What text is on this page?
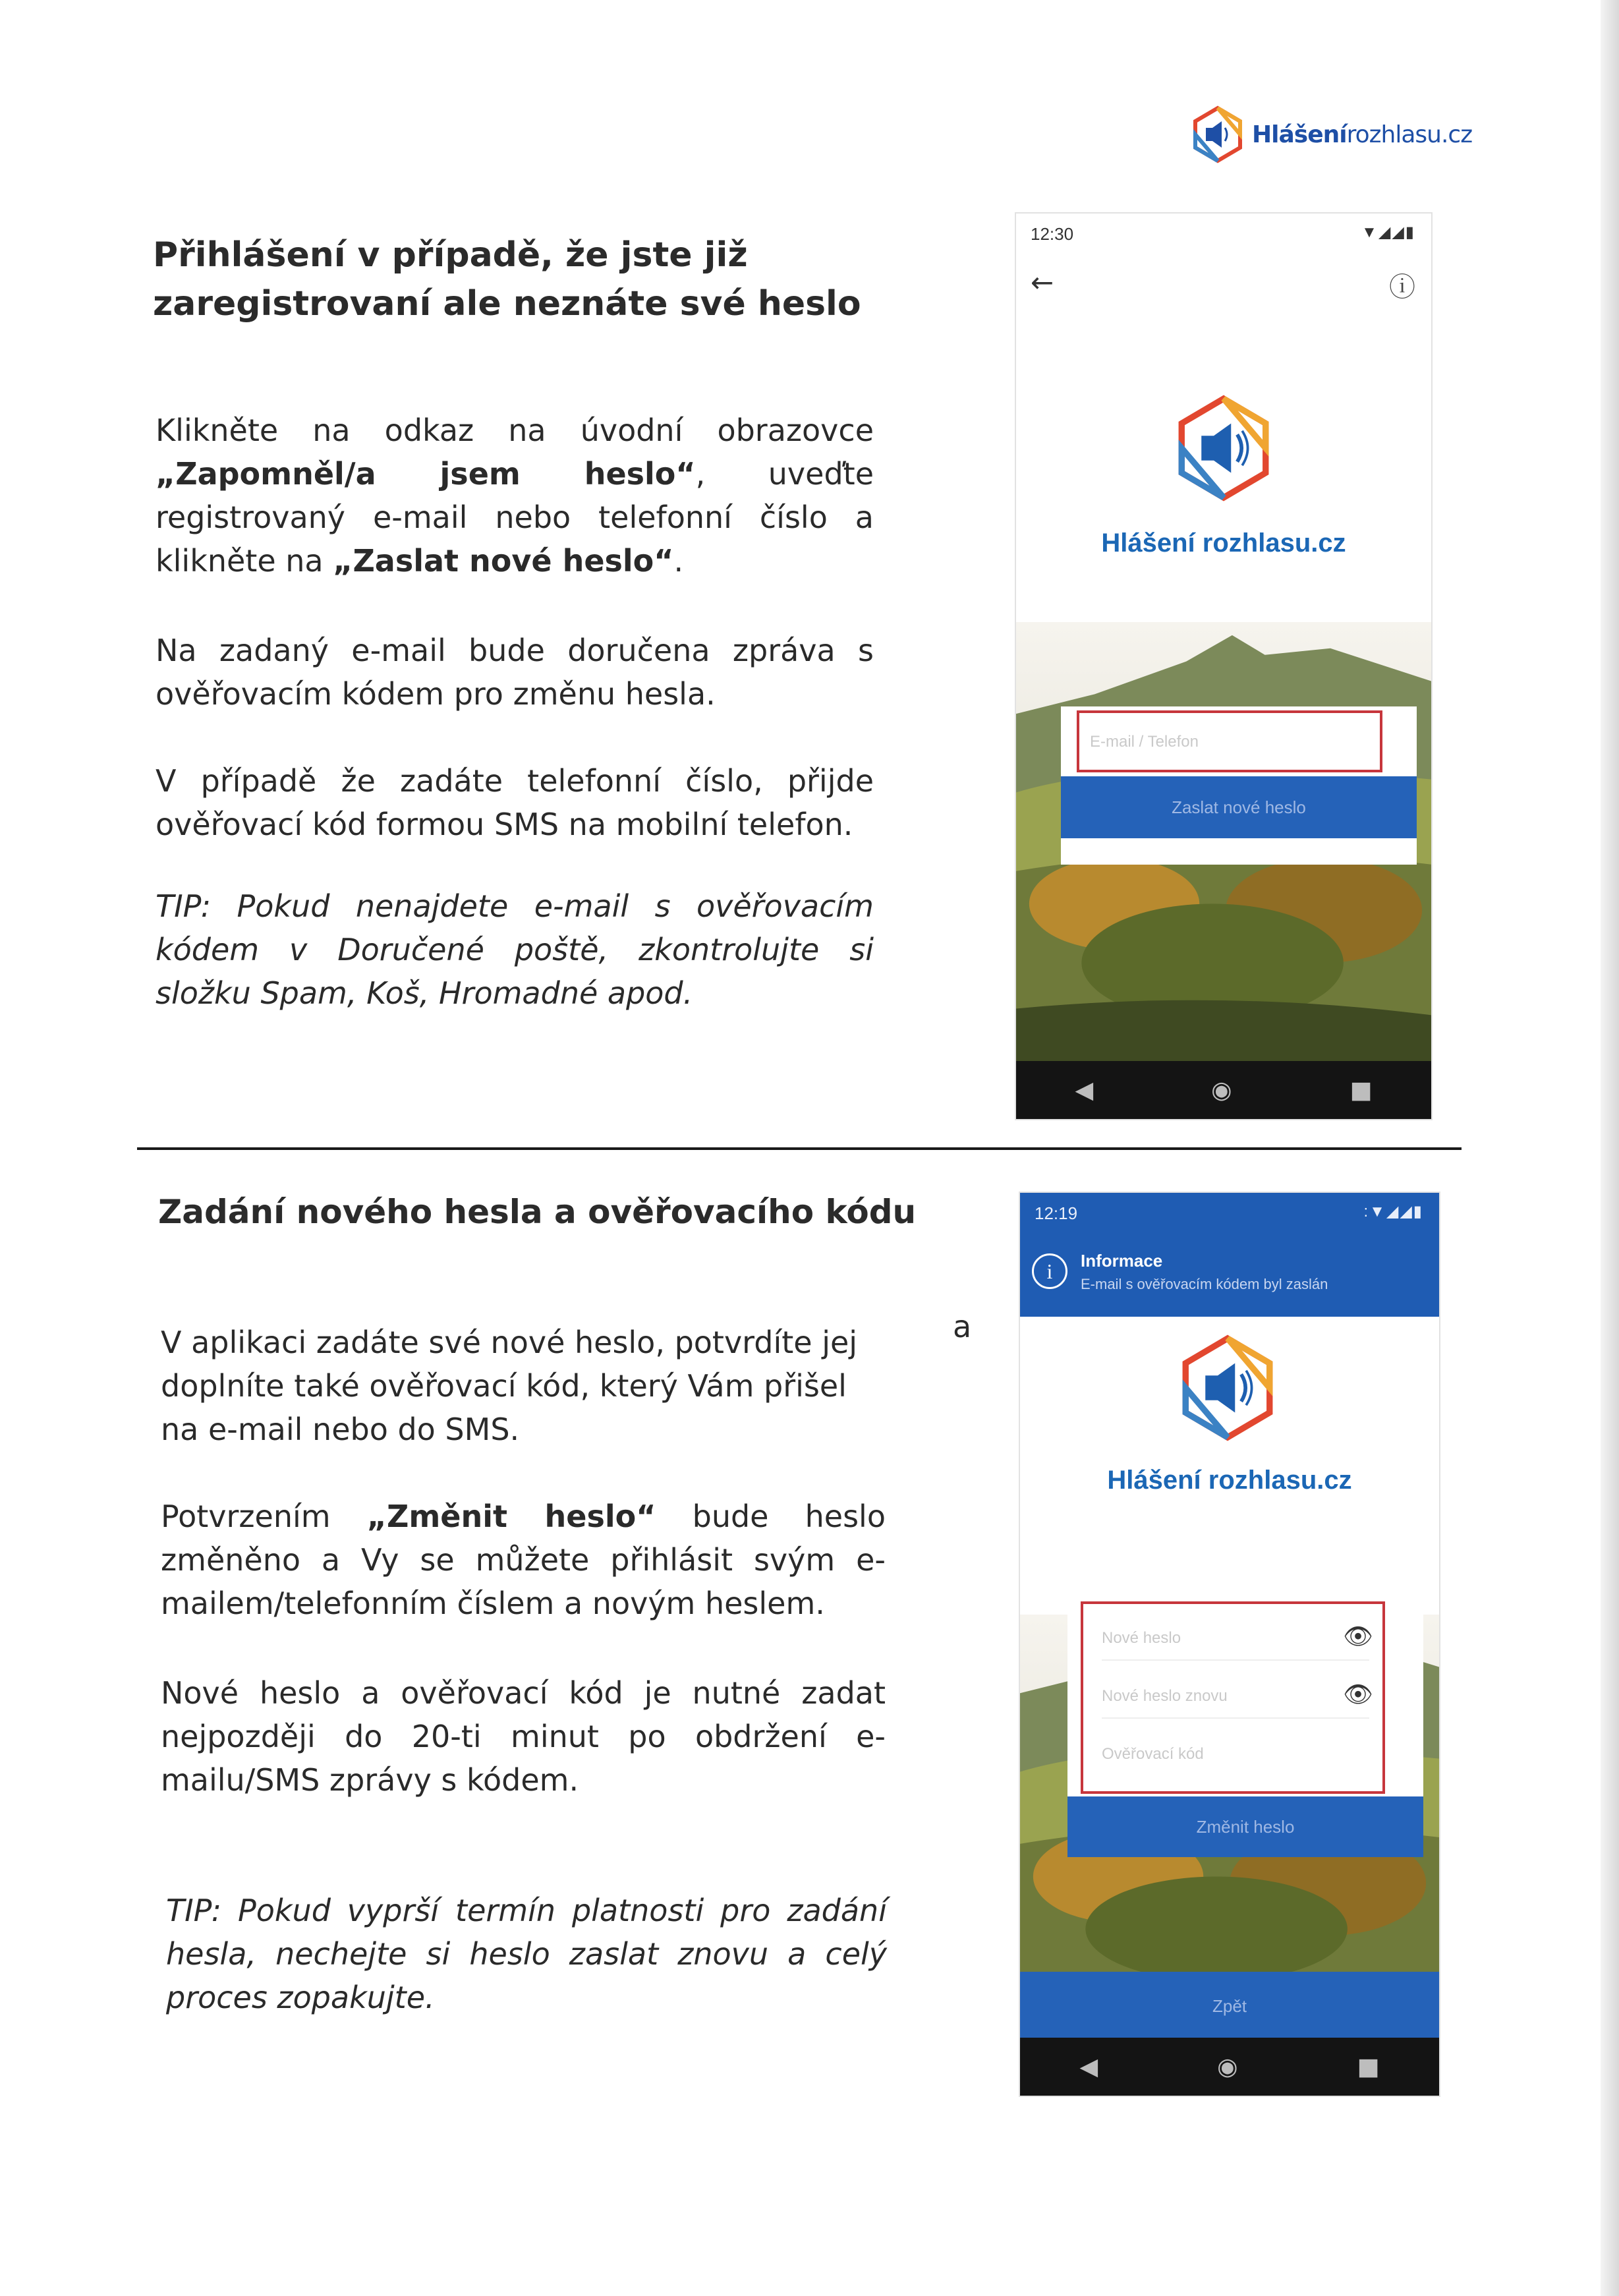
Hlášenírozhlasu.cz
Přihlášení v případě, že jste již
zaregistrovaní ale neznáte své heslo

Klikněte na odkaz na úvodní obrazovce „Zapomněl/a jsem heslo“, uveďte registrovaný e-mail nebo telefonní číslo a klikněte na „Zaslat nové heslo“.

Na zadaný e-mail bude doručena zpráva s ověřovacím kódem pro změnu hesla.

V případě že zadáte telefonní číslo, přijde ověřovací kód formou SMS na mobilní telefon.

TIP: Pokud nenajdete e-mail s ověřovacím kódem v Doručené poště, zkontrolujte si složku Spam, Koš, Hromadné apod.

12:30	▼◢◢▮
←	ⓘ
Hlášení rozhlasu.cz
E-mail / Telefon
Zaslat nové heslo
◀	◉	■
Zadání nového hesla a ověřovacího kódu

V aplikaci zadáte své nové heslo, potvrdíte jej doplníte také ověřovací kód, který Vám přišel na e-mail nebo do SMS.

a

Potvrzením „Změnit heslo“ bude heslo změněno a Vy se můžete přihlásit svým e-mailem/telefonním číslem a novým heslem.

Nové heslo a ověřovací kód je nutné zadat nejpozději do 20-ti minut po obdržení e-mailu/SMS zprávy s kódem.

TIP: Pokud vyprší termín platnosti pro zadání hesla, nechejte si heslo zaslat znovu a celý proces zopakujte.

12:19	:▼◢◢▮
i	Informace
E-mail s ověřovacím kódem byl zaslán
Hlášení rozhlasu.cz
Nové heslo	👁
Nové heslo znovu	👁
Ověřovací kód
Změnit heslo
Zpět
◀	◉	■
